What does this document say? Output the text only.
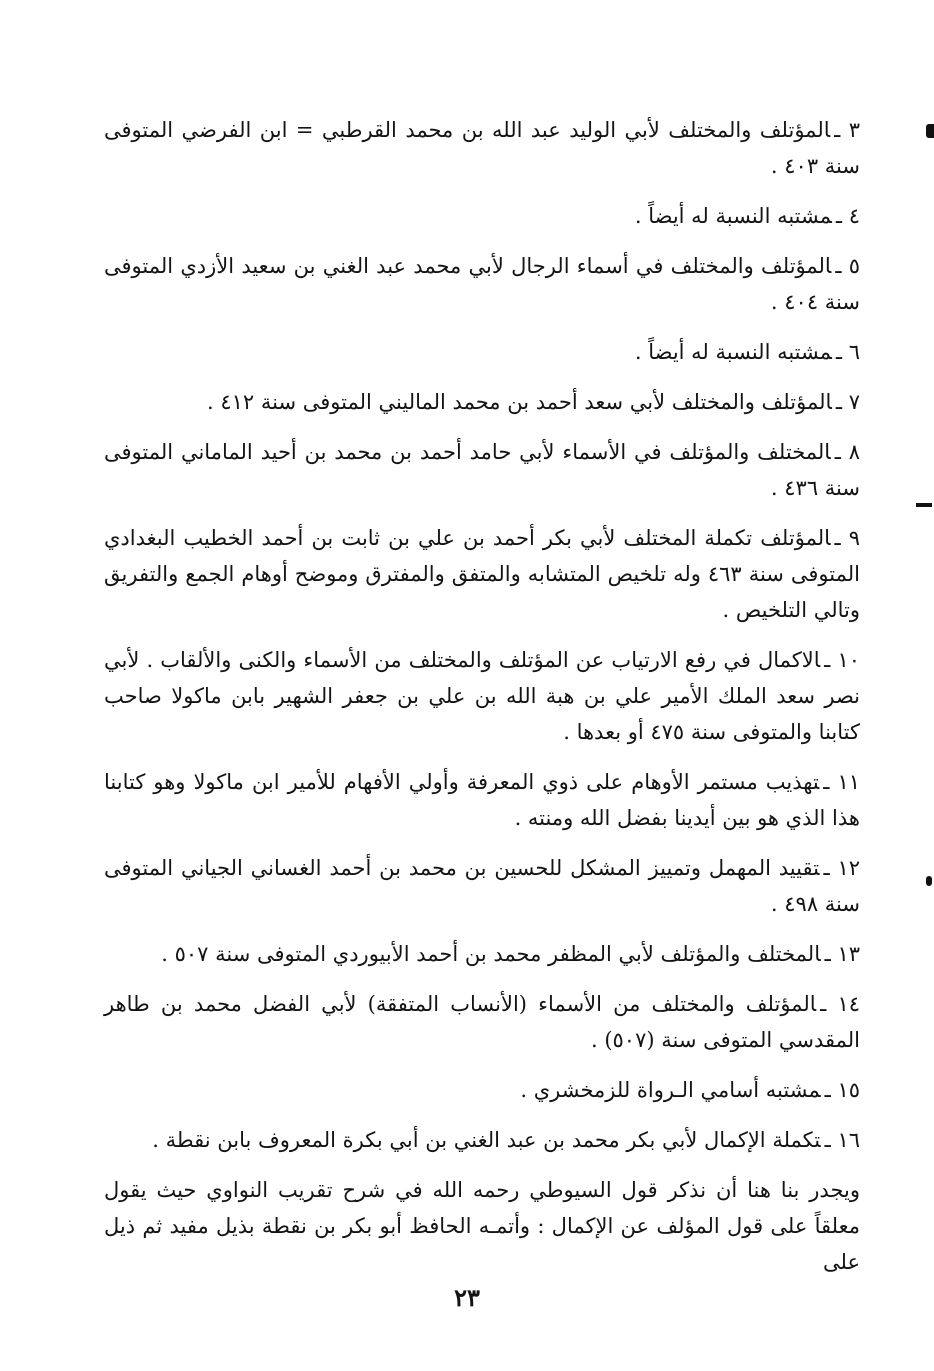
٣ ـالمؤتلف والمختلف لأبي الوليد عبد الله بن محمد القرطبي = ابن الفرضي المتوفى سنة ٤٠٣ .

٤ ـمشتبه النسبة له أيضاً .

٥ ـالمؤتلف والمختلف في أسماء الرجال لأبي محمد عبد الغني بن سعيد الأزدي المتوفى سنة ٤٠٤ .

٦ ـمشتبه النسبة له أيضاً .

٧ ـالمؤتلف والمختلف لأبي سعد أحمد بن محمد الماليني المتوفى سنة ٤١٢ .

٨ ـالمختلف والمؤتلف في الأسماء لأبي حامد أحمد بن محمد بن أحيد الماماني المتوفى سنة ٤٣٦ .

٩ ـالمؤتلف تكملة المختلف لأبي بكر أحمد بن علي بن ثابت بن أحمد الخطيب البغدادي المتوفى سنة ٤٦٣ وله تلخيص المتشابه والمتفق والمفترق وموضح أوهام الجمع والتفريق وتالي التلخيص .

١٠ ـالاكمال في رفع الارتياب عن المؤتلف والمختلف من الأسماء والكنى والألقاب . لأبي نصر سعد الملك الأمير علي بن هبة الله بن علي بن جعفر الشهير بابن ماكولا صاحب كتابنا والمتوفى سنة ٤٧٥ أو بعدها .

١١ ـتهذيب مستمر الأوهام على ذوي المعرفة وأولي الأفهام للأمير ابن ماكولا وهو كتابنا هذا الذي هو بين أيدينا بفضل الله ومنته .

١٢ ـتقييد المهمل وتمييز المشكل للحسين بن محمد بن أحمد الغساني الجياني المتوفى سنة ٤٩٨ .

١٣ ـالمختلف والمؤتلف لأبي المظفر محمد بن أحمد الأبيوردي المتوفى سنة ٥٠٧ .

١٤ ـالمؤتلف والمختلف من الأسماء (الأنساب المتفقة) لأبي الفضل محمد بن طاهر المقدسي المتوفى سنة (٥٠٧) .

١٥ ـمشتبه أسامي الـرواة للزمخشري .

١٦ ـتكملة الإكمال لأبي بكر محمد بن عبد الغني بن أبي بكرة المعروف بابن نقطة .

ويجدر بنا هنا أن نذكر قول السيوطي رحمه الله في شرح تقريب النواوي حيث يقول معلقاً على قول المؤلف عن الإكمال : وأتمـه الحافظ أبو بكر بن نقطة بذيل مفيد ثم ذيل على

٢٣
